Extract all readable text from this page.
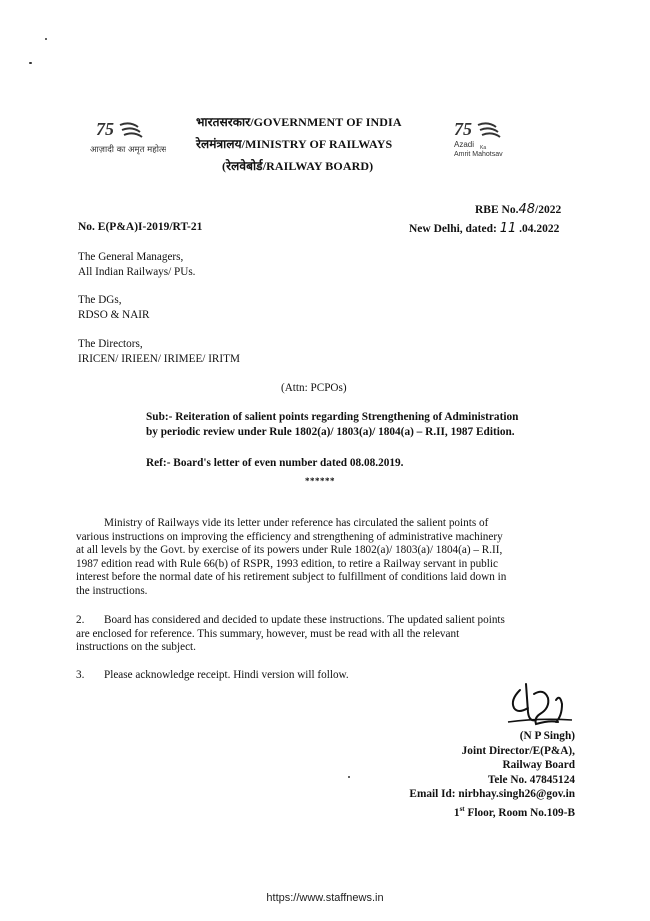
75
आज़ादी का अमृत महोत्सव
75
Azadi Ka
Amrit Mahotsav
भारतसरकार/GOVERNMENT OF INDIA
रेलमंत्रालय/MINISTRY OF RAILWAYS
(रेलवेबोर्ड/RAILWAY BOARD)
RBE No.48/2022
No. E(P&A)I-2019/RT-21	New Delhi, dated: 11 .04.2022
The General Managers,
All Indian Railways/ PUs.
The DGs,
RDSO & NAIR
The Directors,
IRICEN/ IRIEEN/ IRIMEE/ IRITM
(Attn: PCPOs)
Sub:- Reiteration of salient points regarding Strengthening of Administration
by periodic review under Rule 1802(a)/ 1803(a)/ 1804(a) – R.II, 1987 Edition.
Ref:- Board's letter of even number dated 08.08.2019.
******
Ministry of Railways vide its letter under reference has circulated the salient points of
various instructions on improving the efficiency and strengthening of administrative machinery
at all levels by the Govt. by exercise of its powers under Rule 1802(a)/ 1803(a)/ 1804(a) – R.II,
1987 edition read with Rule 66(b) of RSPR, 1993 edition, to retire a Railway servant in public
interest before the normal date of his retirement subject to fulfillment of conditions laid down in
the instructions.
2.	Board has considered and decided to update these instructions. The updated salient points
are enclosed for reference. This summary, however, must be read with all the relevant
instructions on the subject.
3. Please acknowledge receipt. Hindi version will follow.
(N P Singh)
Joint Director/E(P&A),
Railway Board
Tele No. 47845124
Email Id: nirbhay.singh26@gov.in
1st Floor, Room No.109-B
https://www.staffnews.in
